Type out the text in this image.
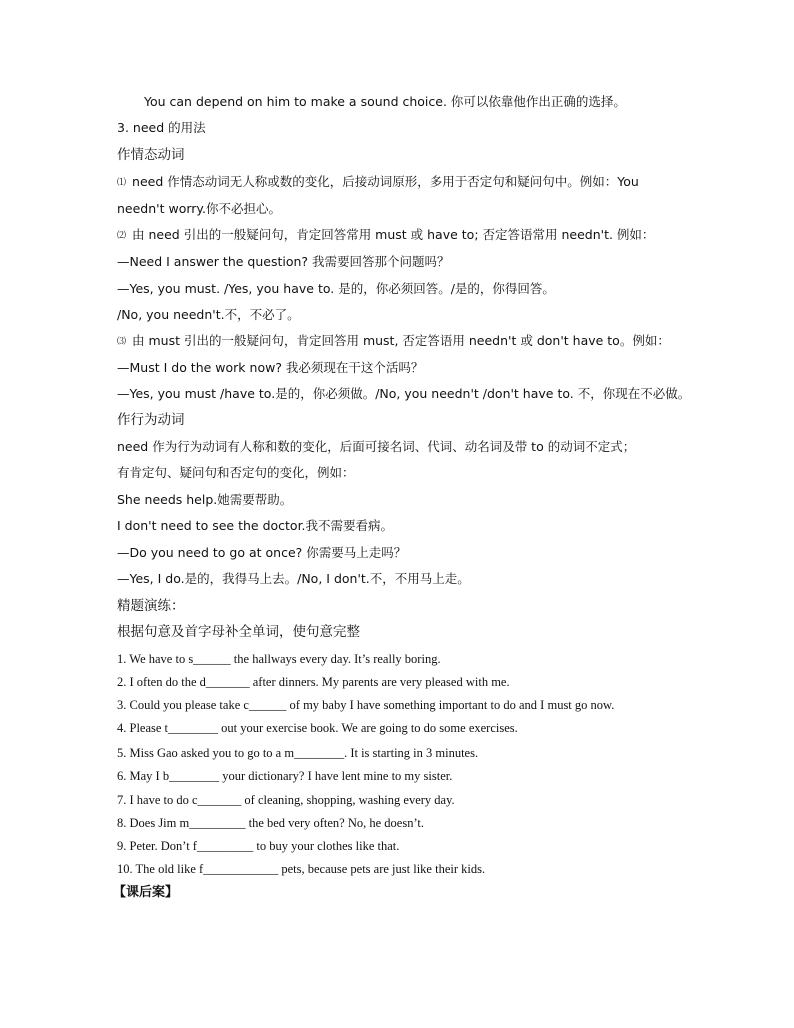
You can depend on him to make a sound choice. 你可以依靠他作出正确的选择。
3. need 的用法
作情态动词
⑴ need 作情态动词无人称或数的变化，后接动词原形，多用于否定句和疑问句中。例如：You
needn't worry.你不必担心。
⑵ 由 need 引出的一般疑问句，肯定回答常用 must 或 have to; 否定答语常用 needn't. 例如：
—Need I answer the question? 我需要回答那个问题吗？
—Yes, you must. /Yes, you have to. 是的，你必须回答。/是的，你得回答。
/No, you needn't.不，不必了。
⑶ 由 must 引出的一般疑问句，肯定回答用 must, 否定答语用 needn't 或 don't have to。例如：
—Must I do the work now? 我必须现在干这个活吗？
—Yes, you must /have to.是的，你必须做。/No, you needn't /don't have to. 不，你现在不必做。
作行为动词
need 作为行为动词有人称和数的变化，后面可接名词、代词、动名词及带 to 的动词不定式；
有肯定句、疑问句和否定句的变化，例如：
She needs help.她需要帮助。
I don't need to see the doctor.我不需要看病。
—Do you need to go at once? 你需要马上走吗？
—Yes, I do.是的，我得马上去。/No, I don't.不，不用马上走。
精题演练：
根据句意及首字母补全单词，使句意完整
1. We have to s______ the hallways every day. It’s really boring.
2. I often do the d_______ after dinners. My parents are very pleased with me.
3. Could you please take c______ of my baby I have something important to do and I must go now.
4. Please t________ out your exercise book. We are going to do some exercises.
5. Miss Gao asked you to go to a m________. It is starting in 3 minutes.
6. May I b________ your dictionary? I have lent mine to my sister.
7. I have to do c_______ of cleaning, shopping, washing every day.
8. Does Jim m_________ the bed very often? No, he doesn’t.
9. Peter. Don’t f_________ to buy your clothes like that.
10. The old like f____________ pets, because pets are just like their kids.
【课后案】
